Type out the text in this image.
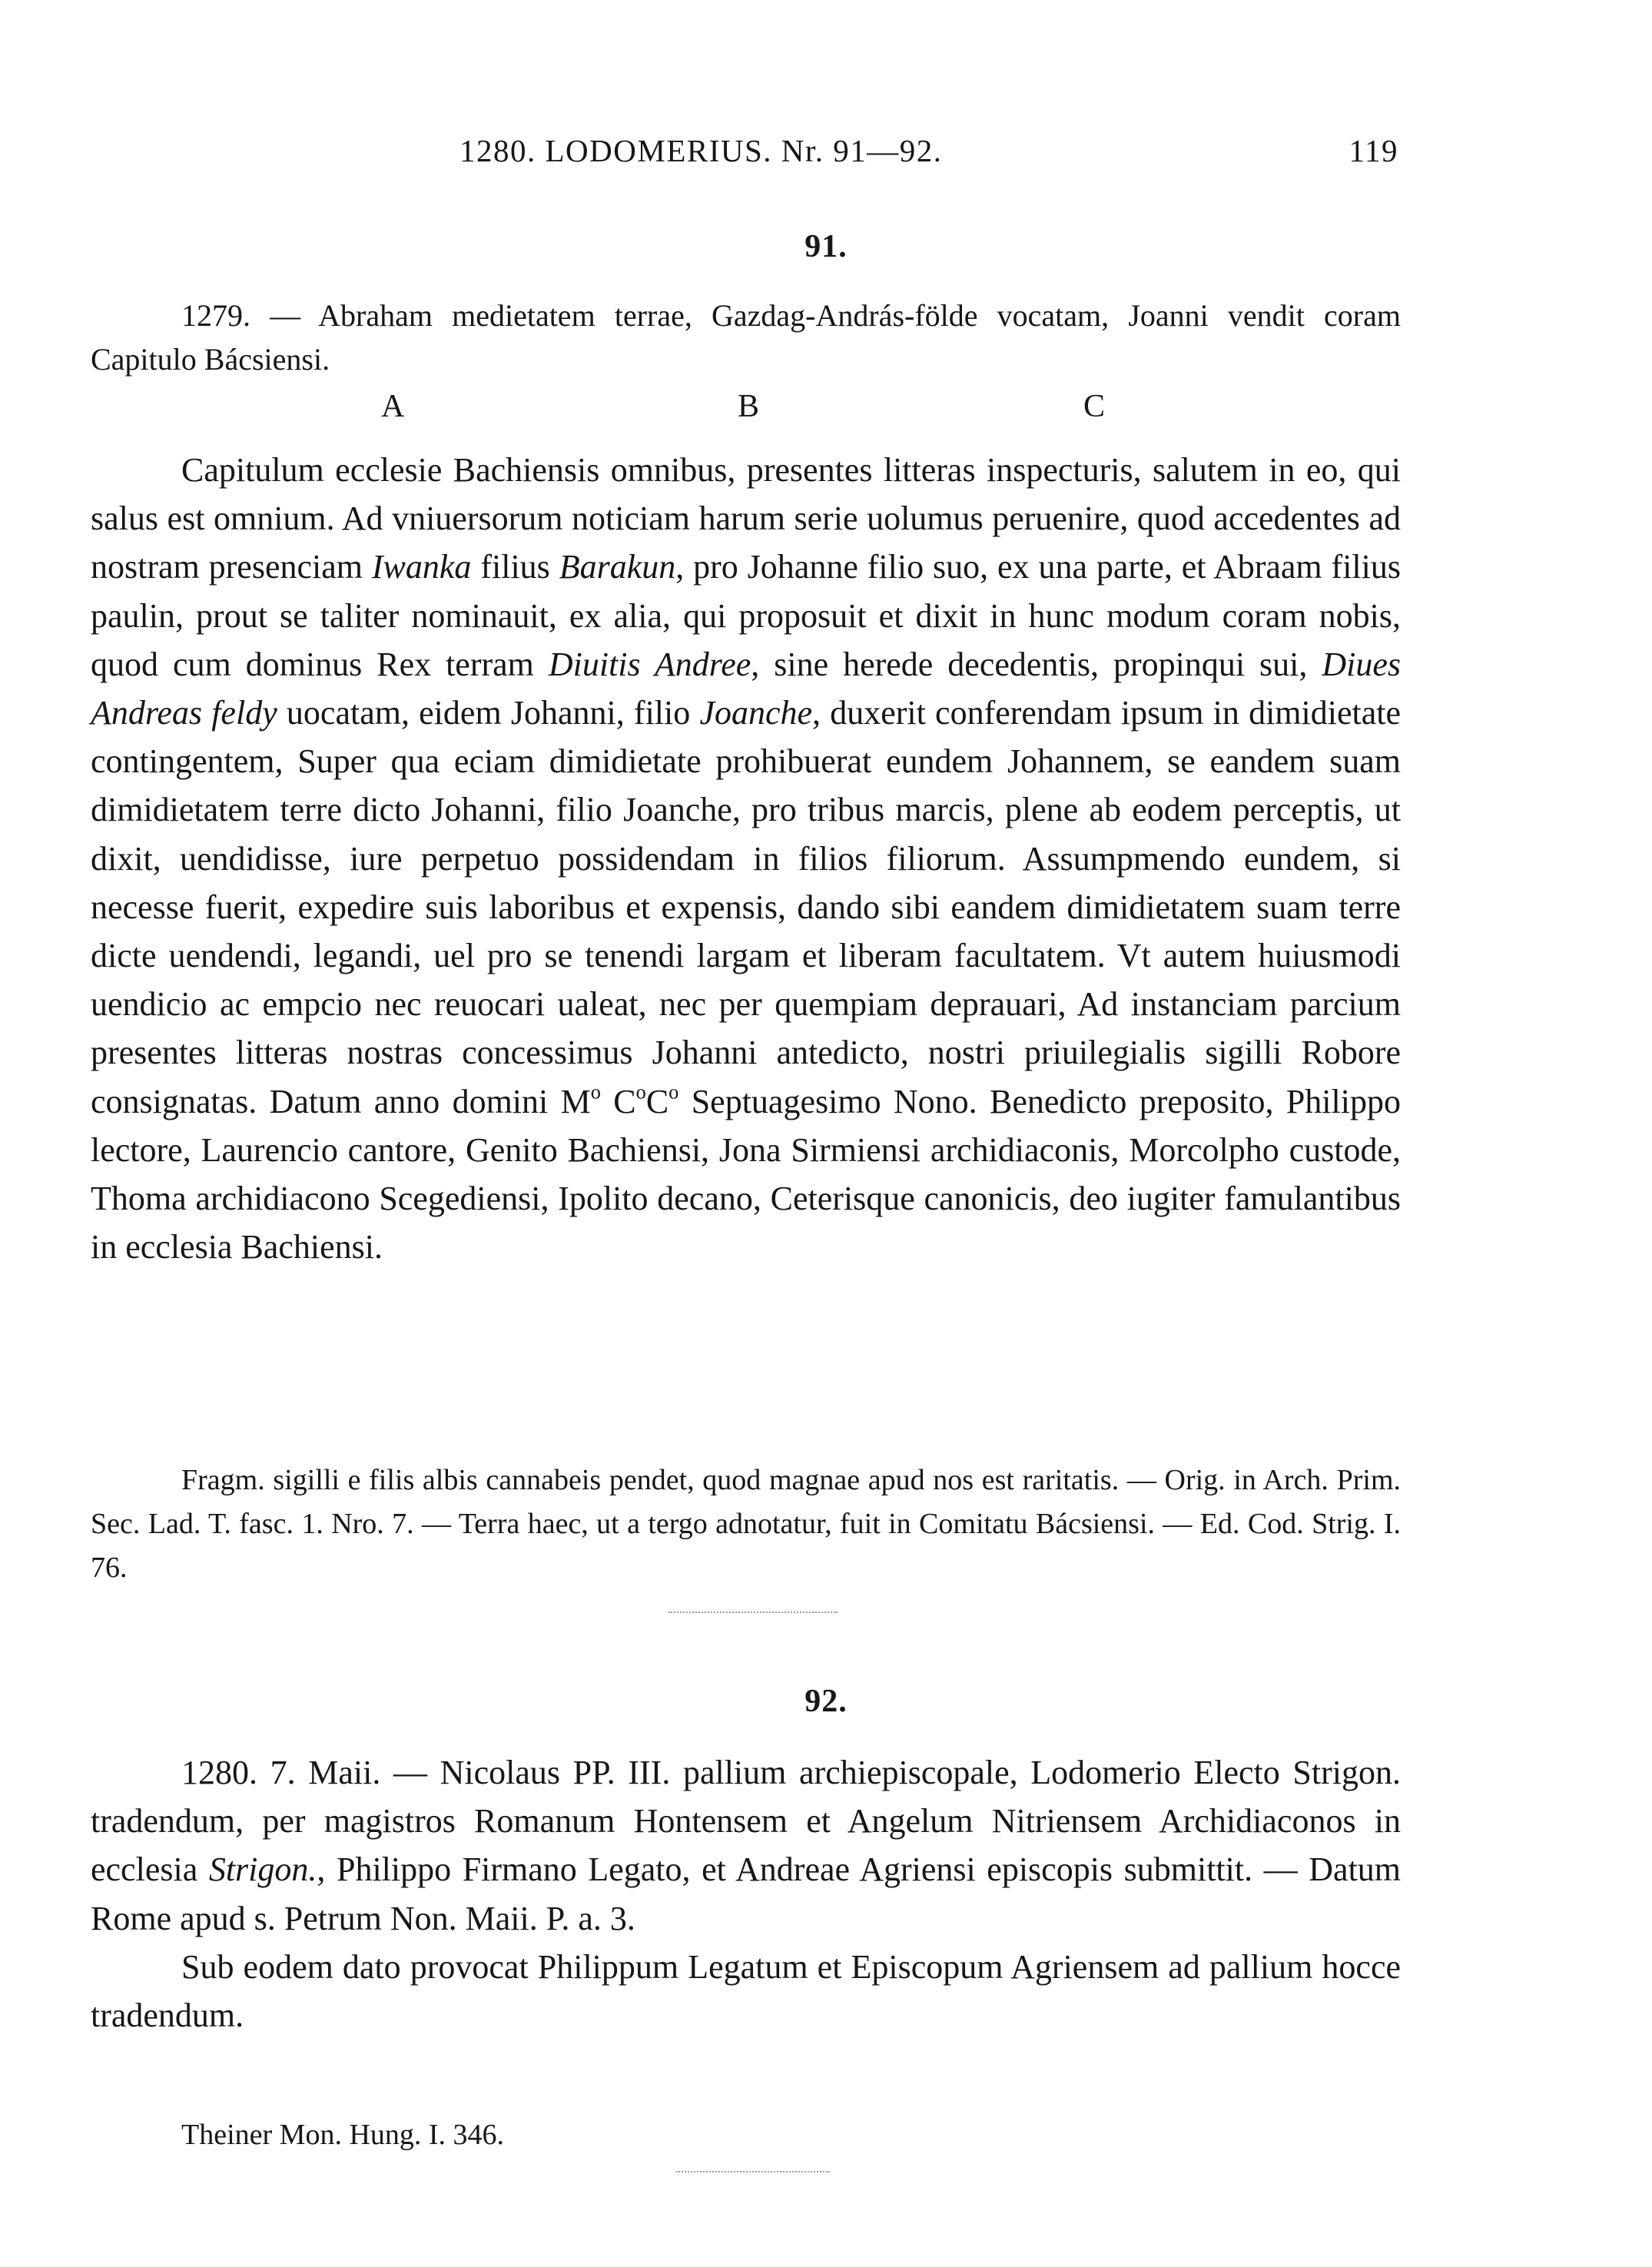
1280. LODOMERIUS. Nr. 91—92.	119
91.

1279. — Abraham medietatem terrae, Gazdag-András-földe vocatam, Joanni vendit coram Capitulo Bácsiensi.

A	B	C

Capitulum ecclesie Bachiensis omnibus, presentes litteras inspecturis, salutem in eo, qui salus est omnium. Ad vniuersorum noticiam harum serie uolumus peruenire, quod accedentes ad nostram presenciam Iwanka filius Barakun, pro Johanne filio suo, ex una parte, et Abraam filius paulin, prout se taliter nominauit, ex alia, qui proposuit et dixit in hunc modum coram nobis, quod cum dominus Rex terram Diuitis Andree, sine herede decedentis, propinqui sui, Diues Andreas feldy uocatam, eidem Johanni, filio Joanche, duxerit conferendam ipsum in dimidietate contingentem, Super qua eciam dimidietate prohibuerat eundem Johannem, se eandem suam dimidietatem terre dicto Johanni, filio Joanche, pro tribus marcis, plene ab eodem perceptis, ut dixit, uendidisse, iure perpetuo possidendam in filios filiorum. Assumpmendo eundem, si necesse fuerit, expedire suis laboribus et expensis, dando sibi eandem dimidietatem suam terre dicte uendendi, legandi, uel pro se tenendi largam et liberam facultatem. Vt autem huiusmodi uendicio ac empcio nec reuocari ualeat, nec per quempiam deprauari, Ad instanciam parcium presentes litteras nostras concessimus Johanni antedicto, nostri priuilegialis sigilli Robore consignatas. Datum anno domini $M^o$ $C^oC^o$ Septuagesimo Nono. Benedicto preposito, Philippo lectore, Laurencio cantore, Genito Bachiensi, Jona Sirmiensi archidiaconis, Morcolpho custode, Thoma archidiacono Scegediensi, Ipolito decano, Ceterisque canonicis, deo iugiter famulantibus in ecclesia Bachiensi.

Fragm. sigilli e filis albis cannabeis pendet, quod magnae apud nos est raritatis. — Orig. in Arch. Prim. Sec. Lad. T. fasc. 1. Nro. 7. — Terra haec, ut a tergo adnotatur, fuit in Comitatu Bácsiensi. — Ed. Cod. Strig. I. 76.

92.

1280. 7. Maii. — Nicolaus PP. III. pallium archiepiscopale, Lodomerio Electo Strigon. tradendum, per magistros Romanum Hontensem et Angelum Nitriensem Archidiaconos in ecclesia Strigon., Philippo Firmano Legato, et Andreae Agriensi episcopis submittit. — Datum Rome apud s. Petrum Non. Maii. P. a. 3.

Sub eodem dato provocat Philippum Legatum et Episcopum Agriensem ad pallium hocce tradendum.

Theiner Mon. Hung. I. 346.
